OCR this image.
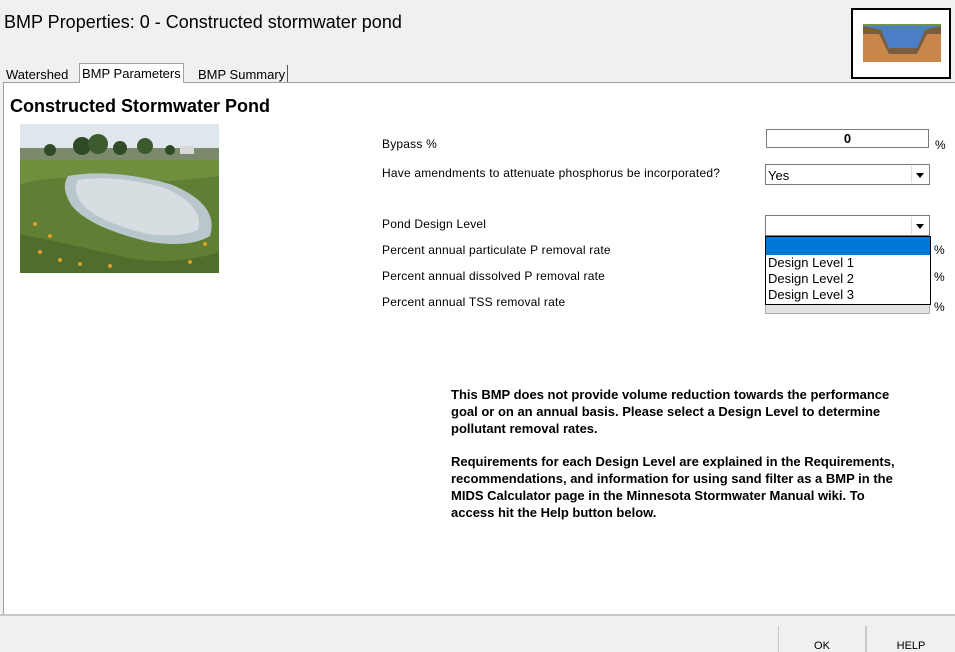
BMP Properties: 0 - Constructed stormwater pond
Watershed BMP Parameters BMP Summary
Constructed Stormwater Pond
Bypass %	0	%
Have amendments to attenuate phosphorus be incorporated?	Yes
Pond Design Level
Design Level 1
Design Level 2
Design Level 3
Percent annual particulate P removal rate	%
Percent annual dissolved P removal rate	%
Percent annual TSS removal rate	%
This BMP does not provide volume reduction towards the performance goal or on an annual basis. Please select a Design Level to determine pollutant removal rates.
Requirements for each Design Level are explained in the Requirements, recommendations, and information for using sand filter as a BMP in the MIDS Calculator page in the Minnesota Stormwater Manual wiki. To access hit the Help button below.
OK	HELP
